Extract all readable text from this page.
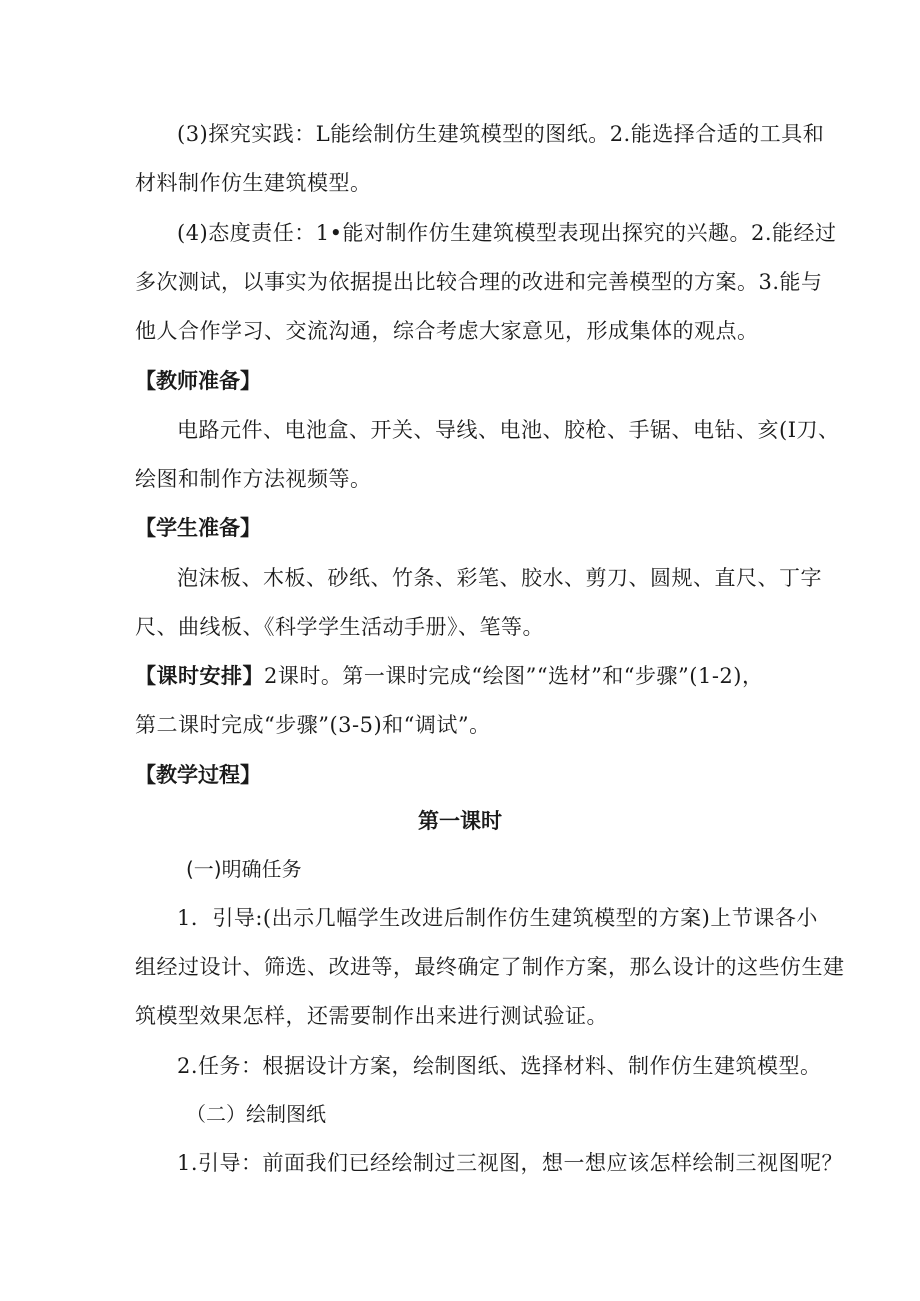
(3)探究实践：L能绘制仿生建筑模型的图纸。2.能选择合适的工具和
材料制作仿生建筑模型。
(4)态度责任：1•能对制作仿生建筑模型表现出探究的兴趣。2.能经过
多次测试，以事实为依据提出比较合理的改进和完善模型的方案。3.能与
他人合作学习、交流沟通，综合考虑大家意见，形成集体的观点。
【教师准备】
电路元件、电池盒、开关、导线、电池、胶枪、手锯、电钻、亥(I刀、
绘图和制作方法视频等。
【学生准备】
泡沫板、木板、砂纸、竹条、彩笔、胶水、剪刀、圆规、直尺、丁字
尺、曲线板、《科学学生活动手册》、笔等。
【课时安排】2课时。第一课时完成“绘图”“选材”和“步骤”(1-2)，
第二课时完成“步骤”(3-5)和“调试”。
【教学过程】
第一课时
(一)明确任务
1．引导:(出示几幅学生改进后制作仿生建筑模型的方案)上节课各小
组经过设计、筛选、改进等，最终确定了制作方案，那么设计的这些仿生建
筑模型效果怎样，还需要制作出来进行测试验证。
2.任务：根据设计方案，绘制图纸、选择材料、制作仿生建筑模型。
（二）绘制图纸
1.引导：前面我们已经绘制过三视图，想一想应该怎样绘制三视图呢？
